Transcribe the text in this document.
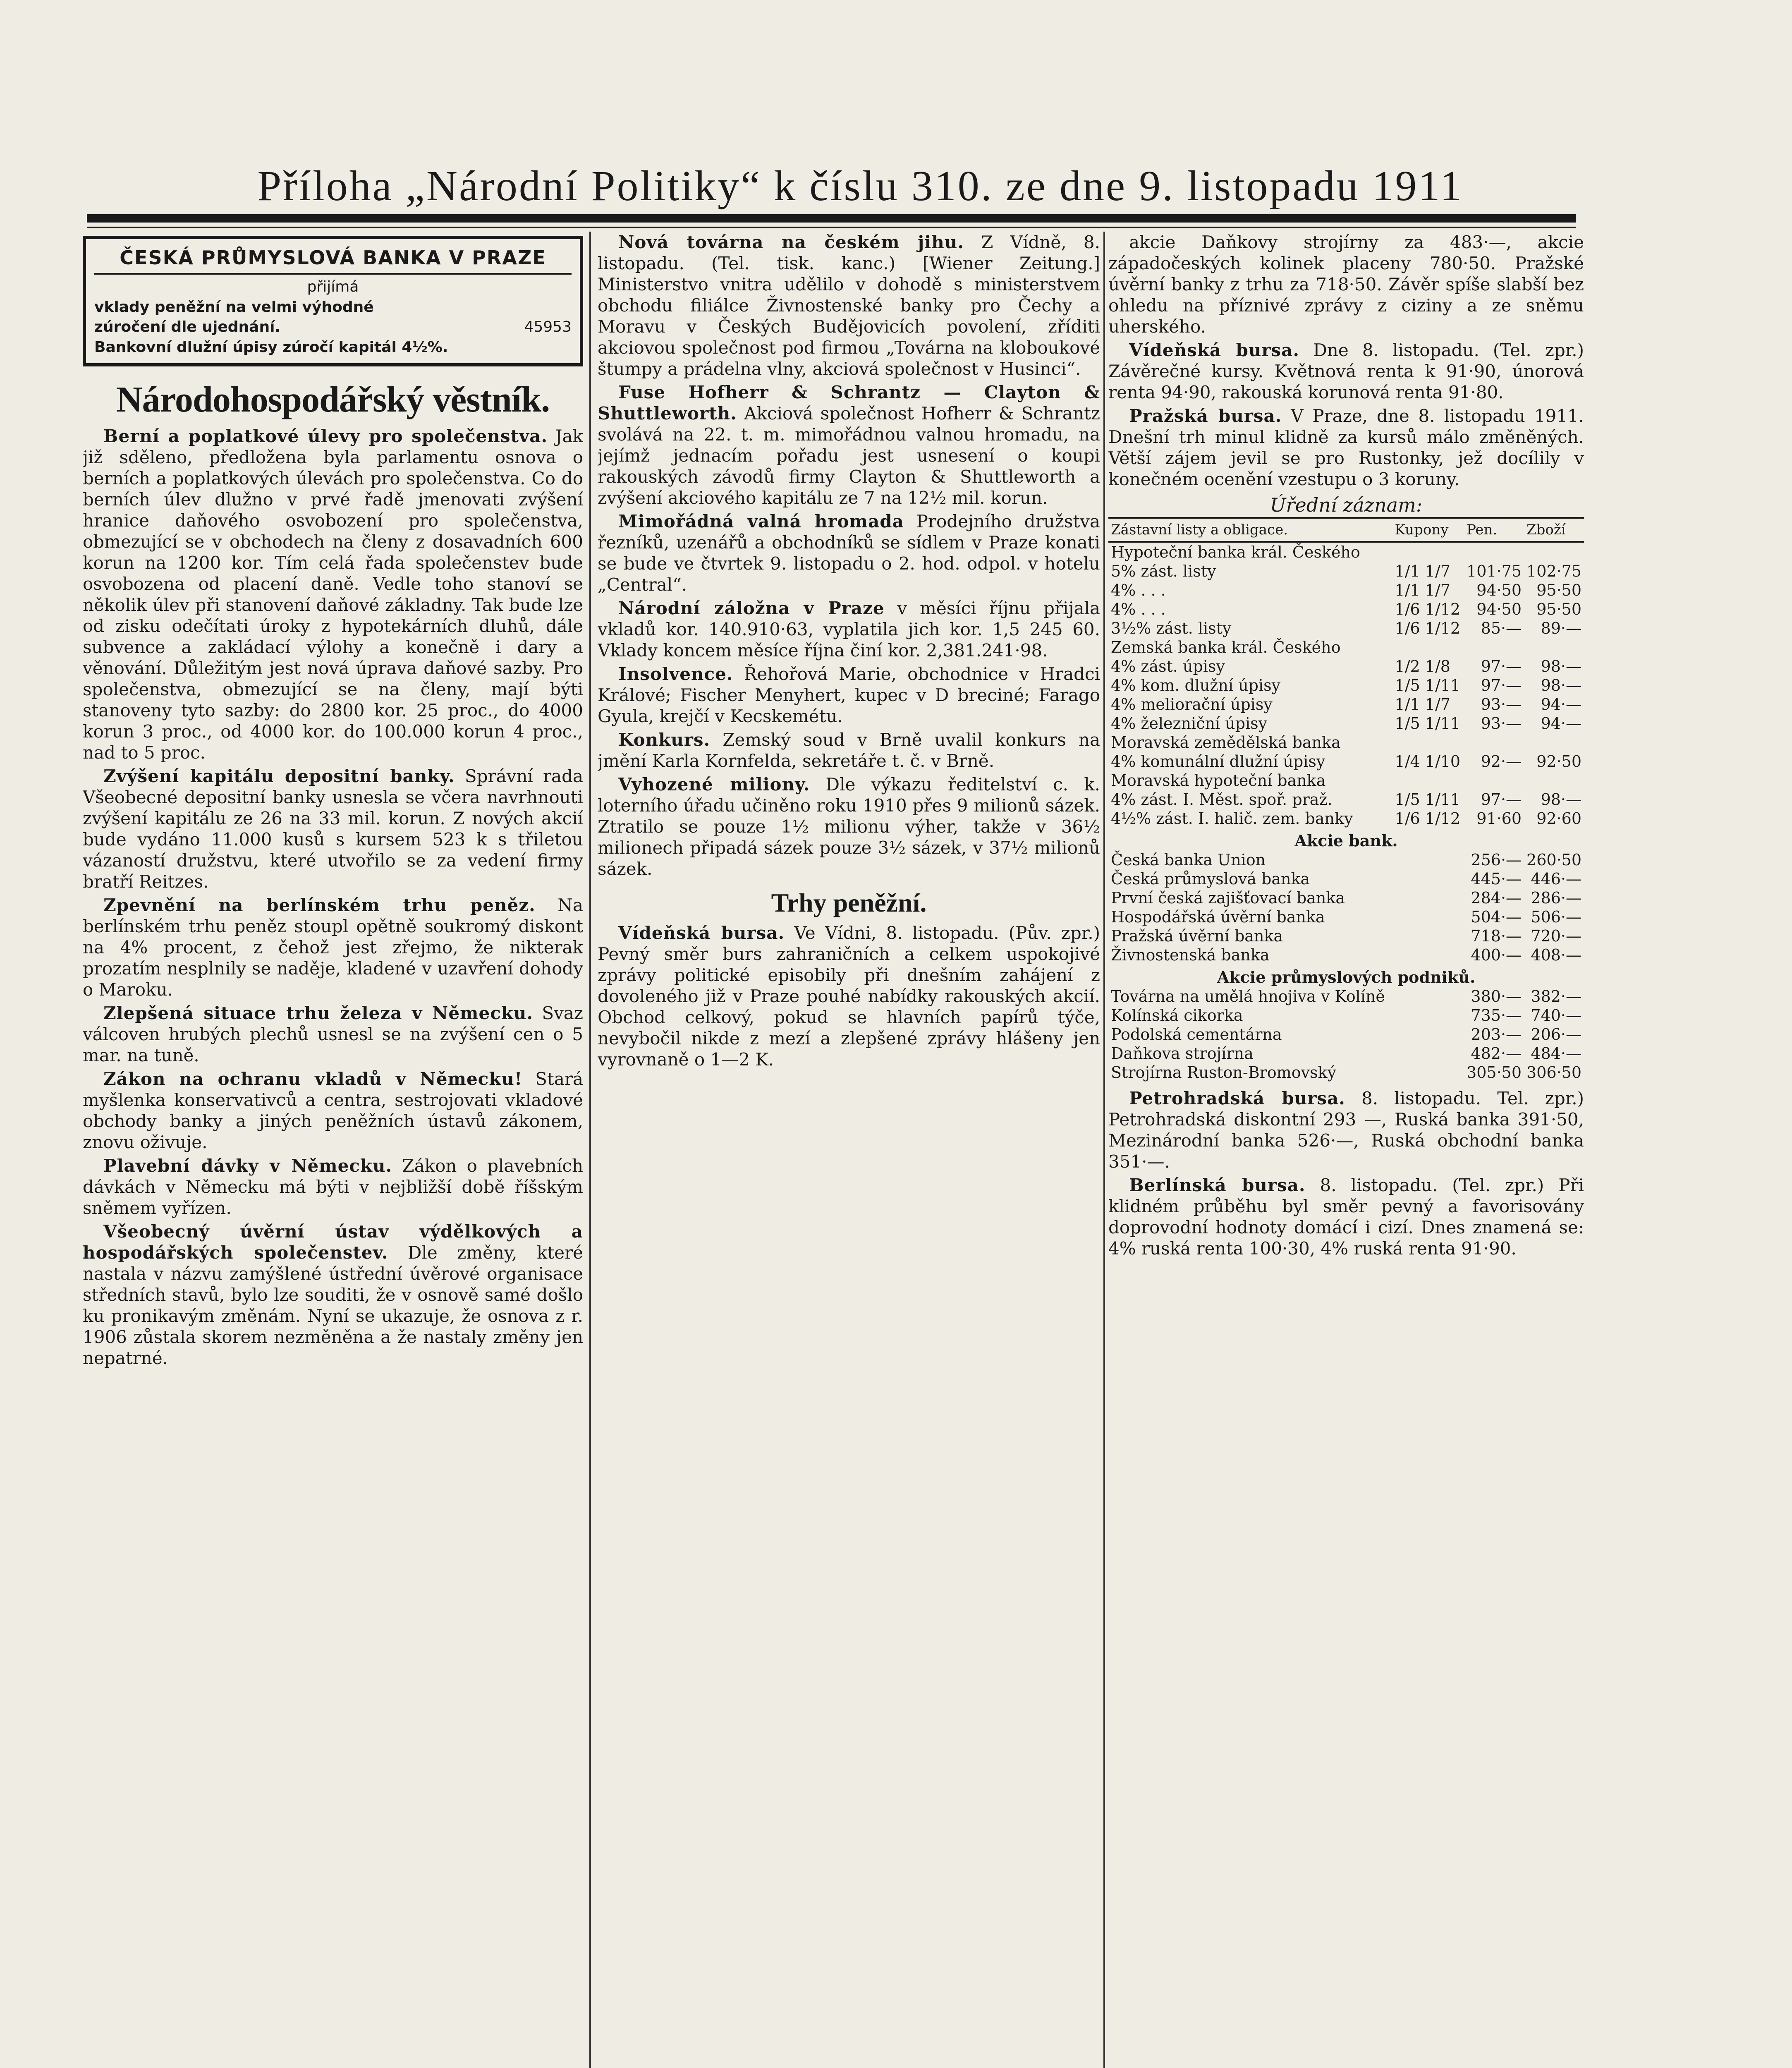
Příloha „Národní Politiky“ k číslu 310. ze dne 9. listopadu 1911
ČESKÁ PRŮMYSLOVÁ BANKA V PRAZE
přijímá
vklady peněžní na velmi výhodné
zúročení dle ujednání.	45953
Bankovní dlužní úpisy zúročí kapitál 4½%.
Národohospodářský věstník.

Berní a poplatkové úlevy pro společenstva. Jak již sděleno, předložena byla parlamentu osnova o berních a poplatkových úlevách pro společenstva. Co do berních úlev dlužno v prvé řadě jmenovati zvýšení hranice daňového osvobození pro společenstva, obmezující se v obchodech na členy z dosavadních 600 korun na 1200 kor. Tím celá řada společenstev bude osvobozena od placení daně. Vedle toho stanoví se několik úlev při stanovení daňové základny. Tak bude lze od zisku odečítati úroky z hypotekárních dluhů, dále subvence a zakládací výlohy a konečně i dary a věnování. Důležitým jest nová úprava daňové sazby. Pro společenstva, obmezující se na členy, mají býti stanoveny tyto sazby: do 2800 kor. 25 proc., do 4000 korun 3 proc., od 4000 kor. do 100.000 korun 4 proc., nad to 5 proc.

Zvýšení kapitálu depositní banky. Správní rada Všeobecné depositní banky usnesla se včera navrhnouti zvýšení kapitálu ze 26 na 33 mil. korun. Z nových akcií bude vydáno 11.000 kusů s kursem 523 k s třiletou vázaností družstvu, které utvořilo se za vedení firmy bratří Reitzes.

Zpevnění na berlínském trhu peněz. Na berlínském trhu peněz stoupl opětně soukromý diskont na 4% procent, z čehož jest zřejmo, že nikterak prozatím nesplnily se naděje, kladené v uzavření dohody o Maroku.

Zlepšená situace trhu železa v Německu. Svaz válcoven hrubých plechů usnesl se na zvýšení cen o 5 mar. na tuně.

Zákon na ochranu vkladů v Německu! Stará myšlenka konservativců a centra, sestrojovati vkladové obchody banky a jiných peněžních ústavů zákonem, znovu oživuje.

Plavební dávky v Německu. Zákon o plavebních dávkách v Německu má býti v nejbližší době říšským sněmem vyřízen.

Všeobecný úvěrní ústav výdělkových a hospodářských společenstev. Dle změny, které nastala v názvu zamýšlené ústřední úvěrové organisace středních stavů, bylo lze souditi, že v osnově samé došlo ku pronikavým změnám. Nyní se ukazuje, že osnova z r. 1906 zůstala skorem nezměněna a že nastaly změny jen nepatrné.

Nová továrna na českém jihu. Z Vídně, 8. listopadu. (Tel. tisk. kanc.) [Wiener Zeitung.] Ministerstvo vnitra udělilo v dohodě s ministerstvem obchodu filiálce Živnostenské banky pro Čechy a Moravu v Českých Budějovicích povolení, zříditi akciovou společnost pod firmou „Továrna na kloboukové štumpy a prádelna vlny, akciová společnost v Husinci“.

Fuse Hofherr & Schrantz — Clayton & Shuttleworth. Akciová společnost Hofherr & Schrantz svolává na 22. t. m. mimořádnou valnou hromadu, na jejímž jednacím pořadu jest usnesení o koupi rakouských závodů firmy Clayton & Shuttleworth a zvýšení akciového kapitálu ze 7 na 12½ mil. korun.

Mimořádná valná hromada Prodejního družstva řezníků, uzenářů a obchodníků se sídlem v Praze konati se bude ve čtvrtek 9. listopadu o 2. hod. odpol. v hotelu „Central“.

Národní záložna v Praze v měsíci říjnu přijala vkladů kor. 140.910·63, vyplatila jich kor. 1,5 245 60. Vklady koncem měsíce října činí kor. 2,381.241·98.

Insolvence. Řehořová Marie, obchodnice v Hradci Králové; Fischer Menyhert, kupec v D breciné; Farago Gyula, krejčí v Kecskemétu.

Konkurs. Zemský soud v Brně uvalil konkurs na jmění Karla Kornfelda, sekretáře t. č. v Brně.

Vyhozené miliony. Dle výkazu ředitelství c. k. loterního úřadu učiněno roku 1910 přes 9 milionů sázek. Ztratilo se pouze 1½ milionu výher, takže v 36½ milionech připadá sázek pouze 3½ sázek, v 37½ milionů sázek.

Trhy peněžní.

Vídeňská bursa. Ve Vídni, 8. listopadu. (Pův. zpr.) Pevný směr burs zahraničních a celkem uspokojivé zprávy politické episobily při dnešním zahájení z dovoleného již v Praze pouhé nabídky rakouských akcií. Obchod celkový, pokud se hlavních papírů týče, nevybočil nikde z mezí a zlepšené zprávy hlášeny jen vyrovnaně o 1—2 K.

akcie Daňkovy strojírny za 483·—, akcie západočeských kolinek placeny 780·50. Pražské úvěrní banky z trhu za 718·50. Závěr spíše slabší bez ohledu na příznivé zprávy z ciziny a ze sněmu uherského.

Vídeňská bursa. Dne 8. listopadu. (Tel. zpr.) Závěrečné kursy. Květnová renta k 91·90, únorová renta 94·90, rakouská korunová renta 91·80.

Pražská bursa. V Praze, dne 8. listopadu 1911. Dnešní trh minul klidně za kursů málo změněných. Větší zájem jevil se pro Rustonky, jež docílily v konečném ocenění vzestupu o 3 koruny.

Úřední záznam:
Zástavní listy a obligace.	Kupony	Pen.	Zboží
Hypoteční banka král. Českého			
5% zást. listy	1/1 1/7	101·75	102·75
4% . . .	1/1 1/7	94·50	95·50
4% . . .	1/6 1/12	94·50	95·50
3½% zást. listy	1/6 1/12	85·—	89·—
Zemská banka král. Českého			
4% zást. úpisy	1/2 1/8	97·—	98·—
4% kom. dlužní úpisy	1/5 1/11	97·—	98·—
4% meliorační úpisy	1/1 1/7	93·—	94·—
4% železniční úpisy	1/5 1/11	93·—	94·—
Moravská zemědělská banka			
4% komunální dlužní úpisy	1/4 1/10	92·—	92·50
Moravská hypoteční banka			
4% zást. I. Měst. spoř. praž.	1/5 1/11	97·—	98·—
4½% zást. I. halič. zem. banky	1/6 1/12	91·60	92·60
Akcie bank.			
Česká banka Union		256·—	260·50
Česká průmyslová banka		445·—	446·—
První česká zajišťovací banka		284·—	286·—
Hospodářská úvěrní banka		504·—	506·—
Pražská úvěrní banka		718·—	720·—
Živnostenská banka		400·—	408·—
Akcie průmyslových podniků.			
Továrna na umělá hnojiva v Kolíně		380·—	382·—
Kolínská cikorka		735·—	740·—
Podolská cementárna		203·—	206·—
Daňkova strojírna		482·—	484·—
Strojírna Ruston-Bromovský		305·50	306·50

Petrohradská bursa. 8. listopadu. Tel. zpr.) Petrohradská diskontní 293 —, Ruská banka 391·50, Mezinárodní banka 526·—, Ruská obchodní banka 351·—.

Berlínská bursa. 8. listopadu. (Tel. zpr.) Při klidném průběhu byl směr pevný a favorisovány doprovodní hodnoty domácí i cizí. Dnes znamená se: 4% ruská renta 100·30, 4% ruská renta 91·90.
